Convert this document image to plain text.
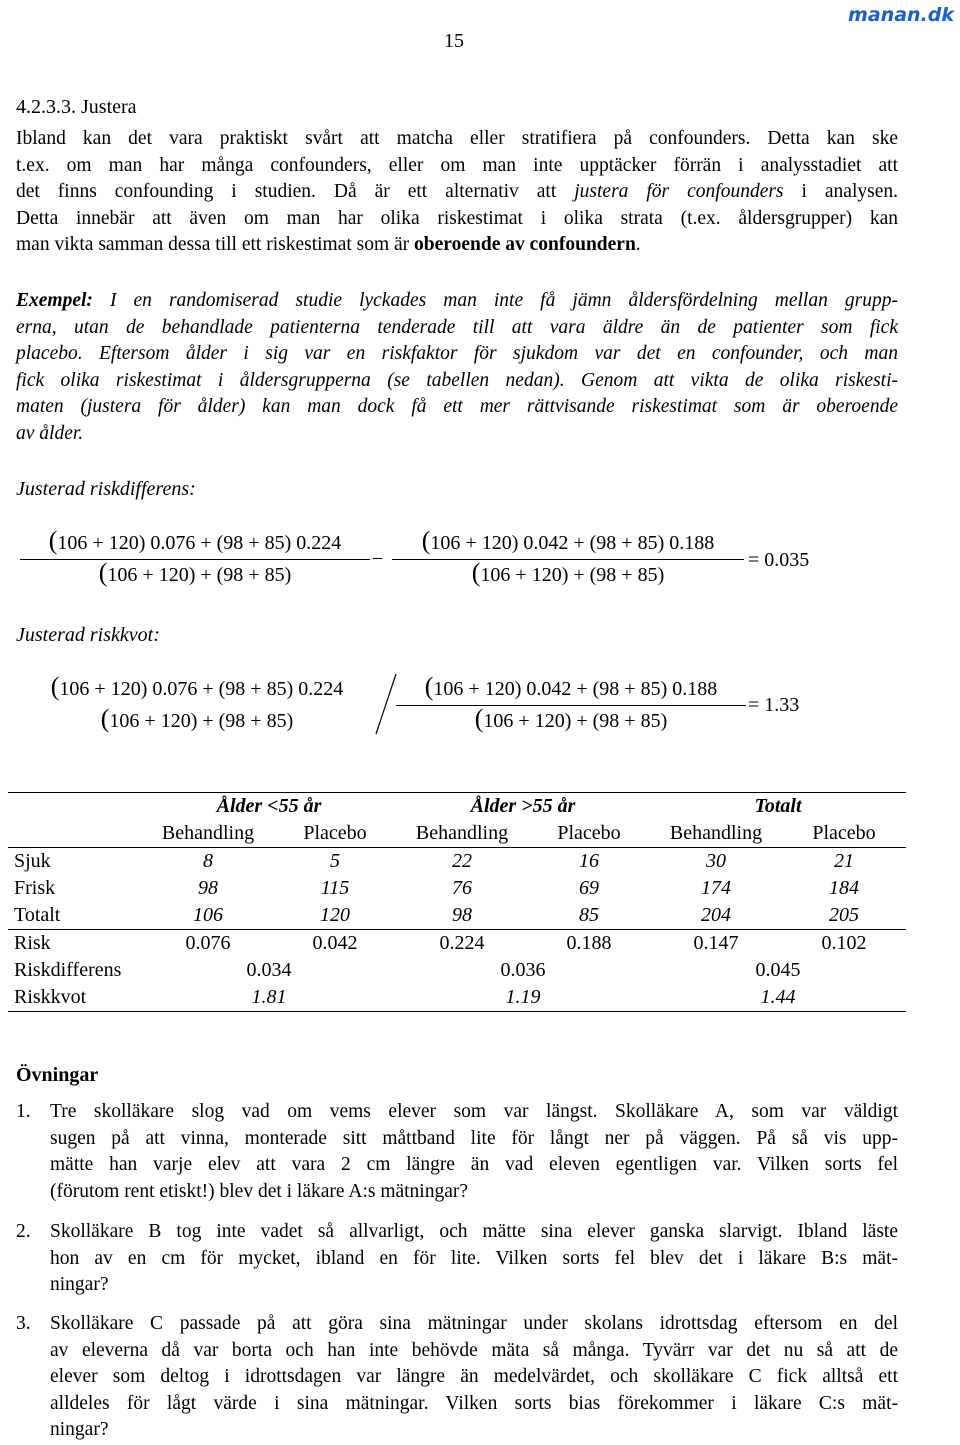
manan.dk
15
4.2.3.3. Justera
Ibland kan det vara praktiskt svårt att matcha eller stratifiera på confounders. Detta kan ske
t.ex. om man har många confounders, eller om man inte upptäcker förrän i analysstadiet att
det finns confounding i studien. Då är ett alternativ att justera för confounders i analysen.
Detta innebär att även om man har olika riskestimat i olika strata (t.ex. åldersgrupper) kan
man vikta samman dessa till ett riskestimat som är oberoende av confoundern.
Exempel: I en randomiserad studie lyckades man inte få jämn åldersfördelning mellan grupp-
erna, utan de behandlade patienterna tenderade till att vara äldre än de patienter som fick
placebo. Eftersom ålder i sig var en riskfaktor för sjukdom var det en confounder, och man
fick olika riskestimat i åldersgrupperna (se tabellen nedan). Genom att vikta de olika riskesti-
maten (justera för ålder) kan man dock få ett mer rättvisande riskestimat som är oberoende
av ålder.
Justerad riskdifferens:
(106 + 120) 0.076 + (98 + 85) 0.224
(106 + 120) + (98 + 85)
−
(106 + 120) 0.042 + (98 + 85) 0.188
(106 + 120) + (98 + 85)
= 0.035
Justerad riskkvot:
(106 + 120) 0.076 + (98 + 85) 0.224
(106 + 120) + (98 + 85)
(106 + 120) 0.042 + (98 + 85) 0.188
(106 + 120) + (98 + 85)
= 1.33
	Ålder <55 år		Ålder >55 år		Totalt	
	Behandling	Placebo	Behandling	Placebo	Behandling	Placebo
Sjuk	8	5	22	16	30	21
Frisk	98	115	76	69	174	184
Totalt	106	120	98	85	204	205
Risk	0.076	0.042	0.224	0.188	0.147	0.102
Riskdifferens	0.034		0.036		0.045	
Riskkvot	1.81		1.19		1.44	
Övningar
1. Tre skolläkare slog vad om vems elever som var längst. Skolläkare A, som var väldigt
sugen på att vinna, monterade sitt måttband lite för långt ner på väggen. På så vis upp-
mätte han varje elev att vara 2 cm längre än vad eleven egentligen var. Vilken sorts fel
(förutom rent etiskt!) blev det i läkare A:s mätningar?
2. Skolläkare B tog inte vadet så allvarligt, och mätte sina elever ganska slarvigt. Ibland läste
hon av en cm för mycket, ibland en för lite. Vilken sorts fel blev det i läkare B:s mät-
ningar?
3. Skolläkare C passade på att göra sina mätningar under skolans idrottsdag eftersom en del
av eleverna då var borta och han inte behövde mäta så många. Tyvärr var det nu så att de
elever som deltog i idrottsdagen var längre än medelvärdet, och skolläkare C fick alltså ett
alldeles för lågt värde i sina mätningar. Vilken sorts bias förekommer i läkare C:s mät-
ningar?
